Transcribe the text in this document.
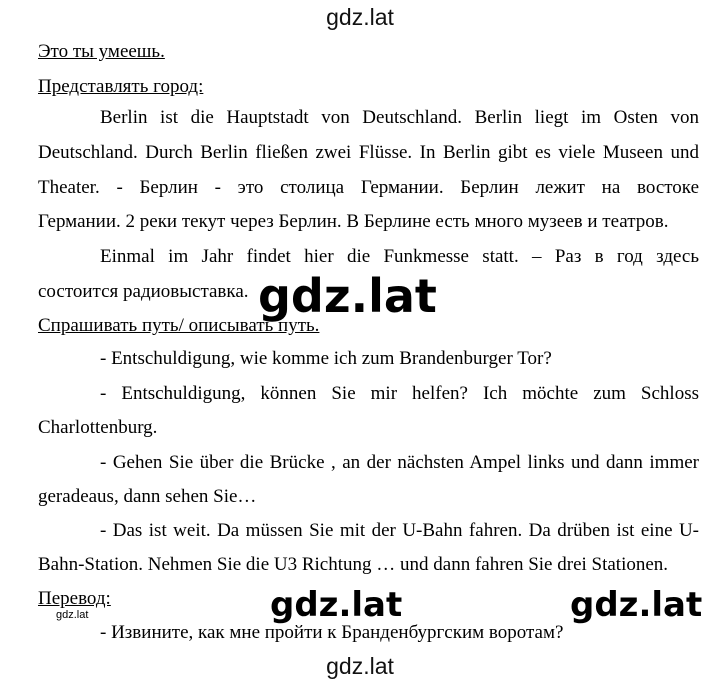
gdz.lat
Это ты умеешь.
Представлять город:
Berlin ist die Hauptstadt von Deutschland. Berlin liegt im Osten von
Deutschland. Durch Berlin fließen zwei Flüsse. In Berlin gibt es viele Museen und
Theater. - Берлин - это столица Германии. Берлин лежит на востоке
Германии. 2 реки текут через Берлин. В Берлине есть много музеев и театров.
Einmal im Jahr findet hier die Funkmesse statt. – Раз в год здесь
состоится радиовыставка.
Спрашивать путь/ описывать путь.
- Entschuldigung, wie komme ich zum Brandenburger Tor?
- Entschuldigung, können Sie mir helfen? Ich möchte zum Schloss
Charlottenburg.
- Gehen Sie über die Brücke , an der nächsten Ampel links und dann immer
geradeaus, dann sehen Sie…
- Das ist weit. Da müssen Sie mit der U-Bahn fahren. Da drüben ist eine U-
Bahn-Station. Nehmen Sie die U3 Richtung … und dann fahren Sie drei Stationen.
Перевод:
- Извините, как мне пройти к Бранденбургским воротам?
gdz.lat
gdz.lat	gdz.lat
gdz.lat
gdz.lat
